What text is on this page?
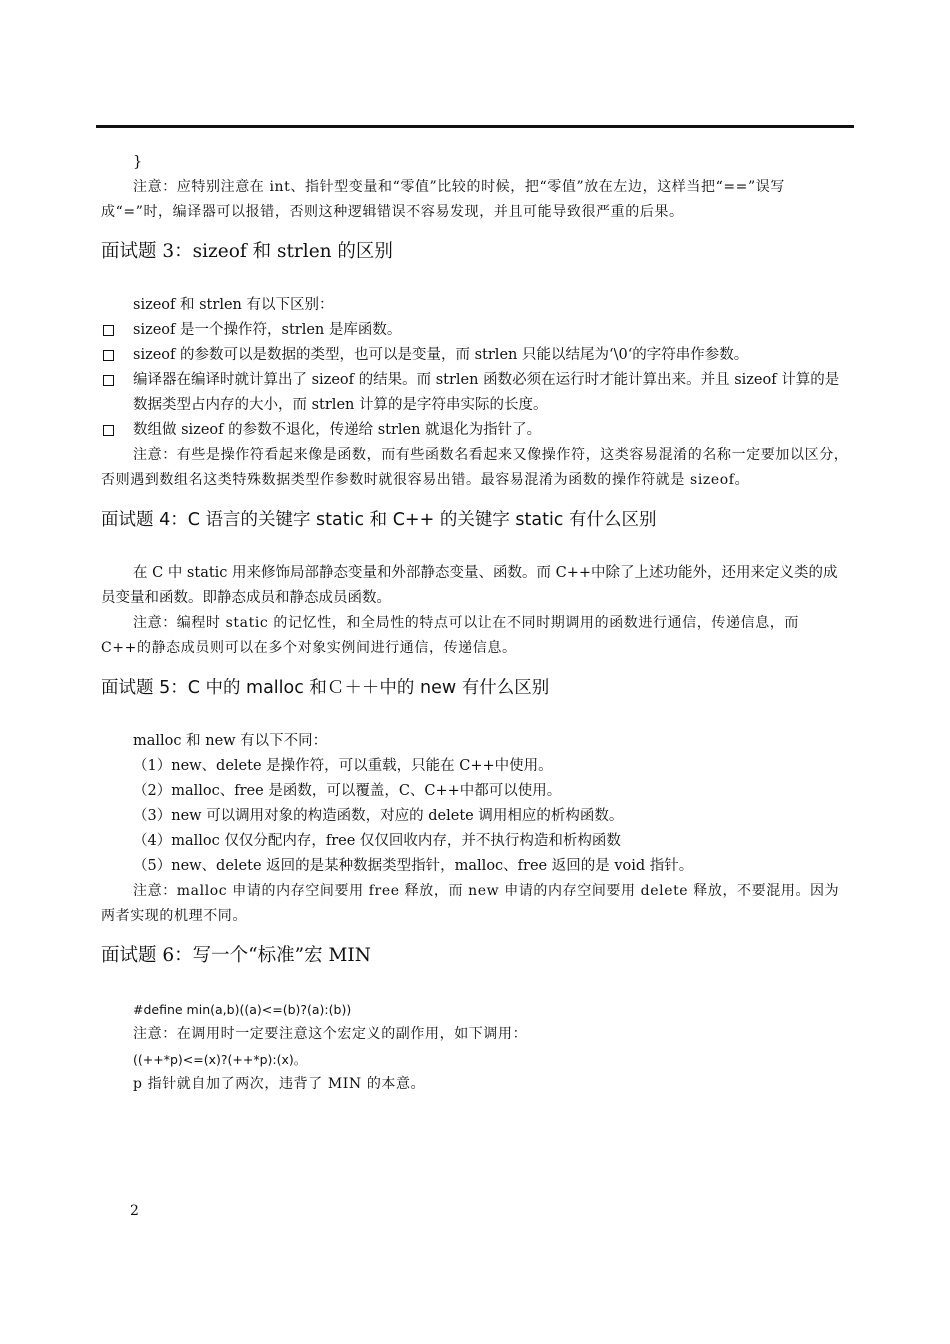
}

注意：应特别注意在 int、指针型变量和“零值”比较的时候，把“零值”放在左边，这样当把“==”误写成“=”时，编译器可以报错，否则这种逻辑错误不容易发现，并且可能导致很严重的后果。

面试题 3：sizeof 和 strlen 的区别

sizeof 和 strlen 有以下区别：

sizeof 是一个操作符，strlen 是库函数。

sizeof 的参数可以是数据的类型，也可以是变量，而 strlen 只能以结尾为‘\0‘的字符串作参数。

编译器在编译时就计算出了 sizeof 的结果。而 strlen 函数必须在运行时才能计算出来。并且 sizeof 计算的是数据类型占内存的大小，而 strlen 计算的是字符串实际的长度。

数组做 sizeof 的参数不退化，传递给 strlen 就退化为指针了。

注意：有些是操作符看起来像是函数，而有些函数名看起来又像操作符，这类容易混淆的名称一定要加以区分，否则遇到数组名这类特殊数据类型作参数时就很容易出错。最容易混淆为函数的操作符就是 sizeof。

面试题 4：C 语言的关键字 static 和 C++ 的关键字 static 有什么区别

在 C 中 static 用来修饰局部静态变量和外部静态变量、函数。而 C++中除了上述功能外，还用来定义类的成员变量和函数。即静态成员和静态成员函数。

注意：编程时 static 的记忆性，和全局性的特点可以让在不同时期调用的函数进行通信，传递信息，而 C++的静态成员则可以在多个对象实例间进行通信，传递信息。

面试题 5：C 中的 malloc 和Ｃ＋＋中的 new 有什么区别

malloc 和 new 有以下不同：

（1）new、delete 是操作符，可以重载，只能在 C++中使用。

（2）malloc、free 是函数，可以覆盖，C、C++中都可以使用。

（3）new 可以调用对象的构造函数，对应的 delete 调用相应的析构函数。

（4）malloc 仅仅分配内存，free 仅仅回收内存，并不执行构造和析构函数

（5）new、delete 返回的是某种数据类型指针，malloc、free 返回的是 void 指针。

注意：malloc 申请的内存空间要用 free 释放，而 new 申请的内存空间要用 delete 释放，不要混用。因为两者实现的机理不同。

面试题 6：写一个“标准”宏 MIN

#define min(a,b)((a)<=(b)?(a):(b))

注意：在调用时一定要注意这个宏定义的副作用，如下调用：

((++*p)<=(x)?(++*p):(x)。

p 指针就自加了两次，违背了 MIN 的本意。

2
